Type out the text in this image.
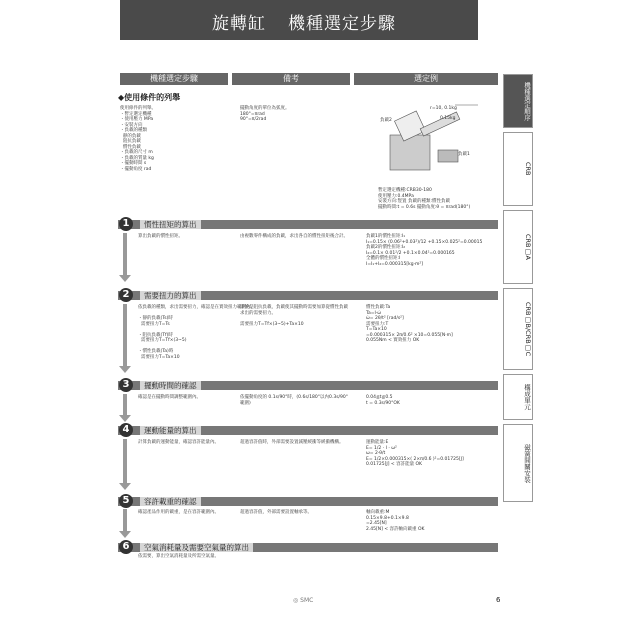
旋轉缸 機種選定步驟
機種選定步驟	備考	選定例
◆使用條件的列舉
使用條件的列舉。
・暫定選定機種
・使用壓力 MPa
・安裝方向
・負載的種類
靜的負載
阻抗負載
慣性負載
・負載的尺寸 m
・負載的質量 kg
・擺動時間 s
・擺動角度 rad
擺動角度的單位為弧度。
180°=πrad
90°=π/2rad
r=10, 0.1kg
0.15kg
負載2
負載1
暫定選定機種:CRB30-180
使用壓力:0.4MPa
安裝方向:豎置 負載的種類:慣性負載
擺動時間:t = 0.6s 擺動角度:θ = πrad(180°)
1	慣性扭矩的算出
算出負載的慣性扭矩。	由複數零件構成的負載，求出各自的慣性扭矩後合計。	負載1的慣性扭矩:I₁
I₁=0.15× (0.06²+0.03²)/12 +0.15×0.025²=0.00015
負載2的慣性扭矩:I₂
I₂=0.1× 0.01²/2 +0.1×0.04²=0.000165
全體的慣性扭矩:I
I=I₁+I₂=0.000315[kg·m²]
2	需要扭力的算出
依負載的種類，求出需要扭力，確認是在實效扭力範圍內。

・靜的負載(Ts)時
需要扭力T=Ts

・阻抗負載(Tf)時
需要扭力T=Tf×(3~5)

・慣性負載(Ta)時
需要扭力T=Ta×10
即使是阻抗負載，負載使其擺動時需要加算從慣性負載求出的需要扭力。

需要扭力T=Tf×(3~5)+Ta×10
慣性負載:Ta
Ta=I·ω̇
ω̇= 2θ/t² [rad/s²]
需要扭力:T
T=Ta×10
=0.000315× 2π/0.6² ×10=0.055[N·m]
0.055Nm < 實效扭力 OK
3	擺動時間的確認
確認是在擺動時間調整範圍內。	依擺動角度的 0.1s/90°時，(0.6s/180°以內0.3s/90°範圍)
0.04≦t≦0.5
t = 0.3s/90°OK
4	運動能量的算出
計算負載的運動能量，確認容許能量內。	超過容許值時，外部需要設置減壓緩衝等緩衝機構。	運動能量:E
E= 1/2 · I · ω²
ω= 2·θ/t
E= 1/2×0.000315×( 2×π/0.6 )²=0.01725[J]
0.01725[J] < 容許能量 OK
5	容許載重的確認
確認產品作用的載重，是在容許範圍內。	超過容許值，外部需要設置軸承等。	軸向載重:M
0.15×9.8+0.1×9.8
=2.45[N]
2.45[N] < 容許軸向載重 OK
6	空氣消耗量及需要空氣量的算出
依需要，算出空氣消耗量及所需空氣量。
機種選定順序
CRB
CRB□A
CRB□B/CRB□C
構成單元
磁簧開關安裝
◎ SMC	6
